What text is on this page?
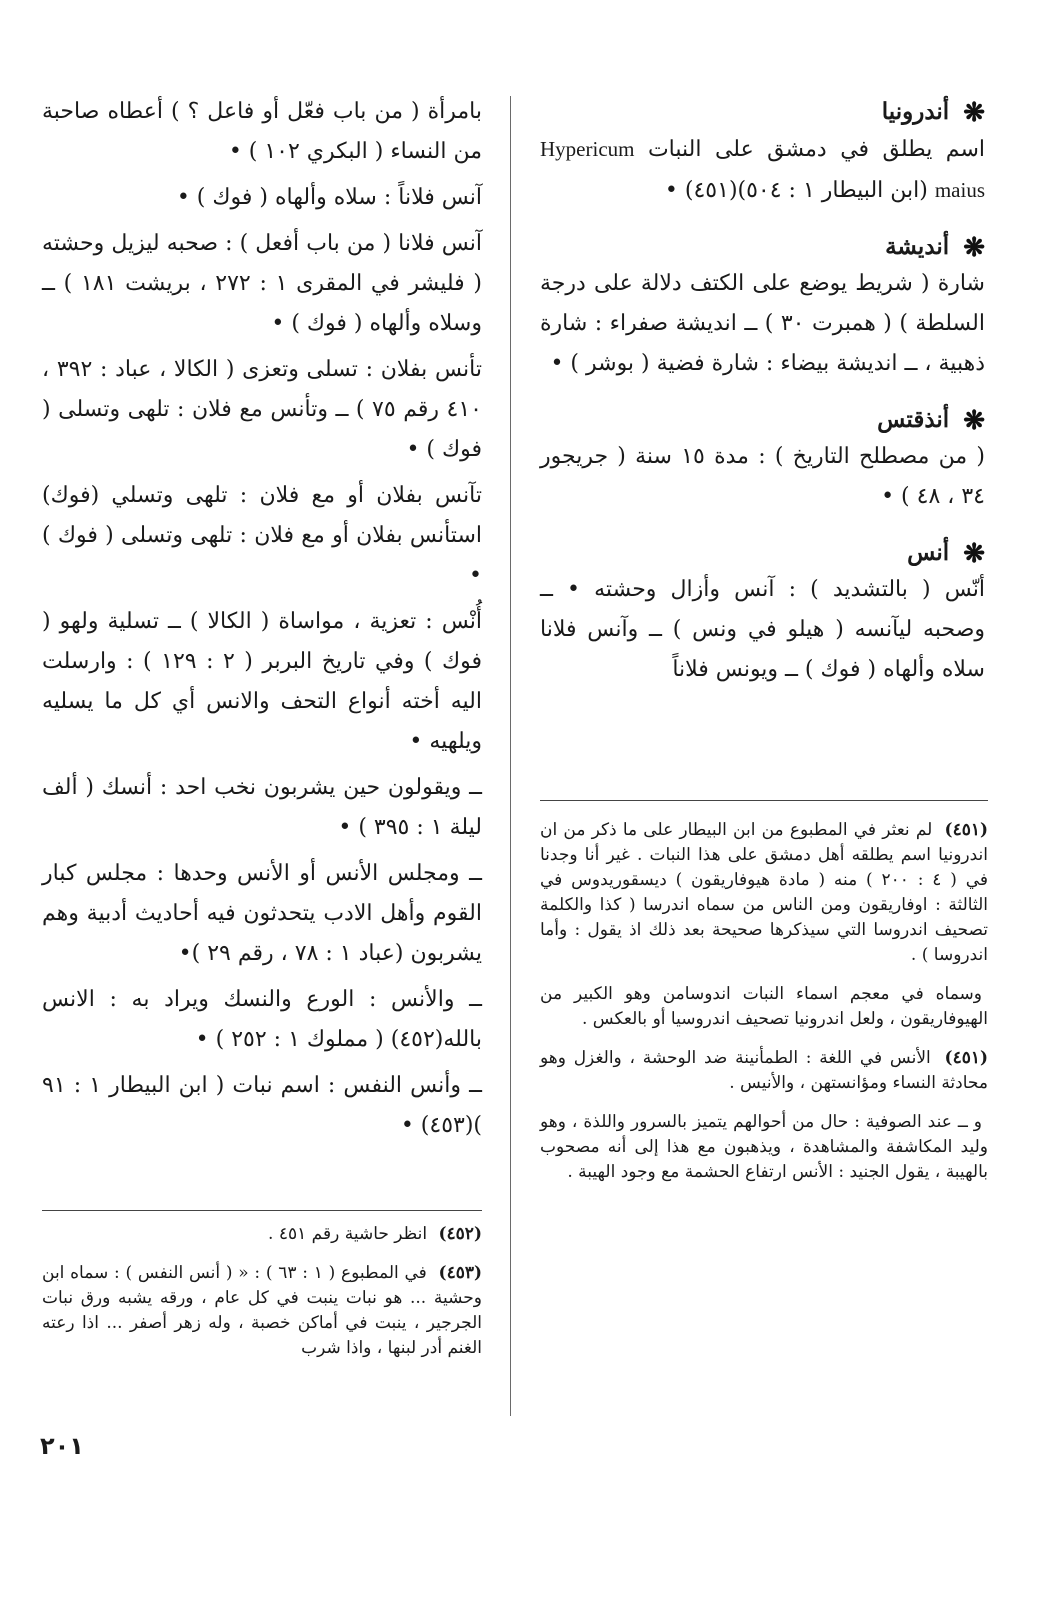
❋أندرونيا
اسم يطلق في دمشق على النبات Hypericum maius (ابن البيطار ١ : ٥٠٤)(٤٥١) •
❋أنديشة
شارة ( شريط يوضع على الكتف دلالة على درجة السلطة ) ( همبرت ٣٠ ) ــ انديشة صفراء : شارة ذهبية ، ــ انديشة بيضاء : شارة فضية ( بوشر ) •
❋أنذقتس
( من مصطلح التاريخ ) : مدة ١٥ سنة ( جريجور ٣٤ ، ٤٨ ) •
❋أنس
أنّس ( بالتشديد ) : آنس وأزال وحشته • ــ وصحبه ليآنسه ( هيلو في ونس ) ــ وآنس فلانا سلاه وألهاه ( فوك ) ــ ويونس فلاناً
(٤٥١) لم نعثر في المطبوع من ابن البيطار على ما ذكر من ان اندرونيا اسم يطلقه أهل دمشق على هذا النبات . غير أنا وجدنا في ( ٤ : ٢٠٠ ) منه ( مادة هيوفاريقون ) ديسقوريدوس في الثالثة : اوفاريقون ومن الناس من سماه اندرسا ( كذا والكلمة تصحيف اندروسا التي سيذكرها صحيحة بعد ذلك اذ يقول : وأما اندروسا ) .
وسماه في معجم اسماء النبات اندوسامن وهو الكبير من الهيوفاريقون ، ولعل اندرونيا تصحيف اندروسيا أو بالعكس .
(٤٥١) الأنس في اللغة : الطمأنينة ضد الوحشة ، والغزل وهو محادثة النساء ومؤانستهن ، والأنيس .
و ــ عند الصوفية : حال من أحوالهم يتميز بالسرور واللذة ، وهو وليد المكاشفة والمشاهدة ، ويذهبون مع هذا إلى أنه مصحوب بالهيبة ، يقول الجنيد : الأنس ارتفاع الحشمة مع وجود الهيبة .
بامرأة ( من باب فعّل أو فاعل ؟ ) أعطاه صاحبة من النساء ( البكري ١٠٢ ) •
آنس فلاناً : سلاه وألهاه ( فوك ) •
آنس فلانا ( من باب أفعل ) : صحبه ليزيل وحشته ( فليشر في المقرى ١ : ٢٧٢ ، بريشت ١٨١ ) ــ وسلاه وألهاه ( فوك ) •
تأنس بفلان : تسلى وتعزى ( الكالا ، عباد : ٣٩٢ ، ٤١٠ رقم ٧٥ ) ــ وتأنس مع فلان : تلهى وتسلى ( فوك ) •
تآنس بفلان أو مع فلان : تلهى وتسلي (فوك) استأنس بفلان أو مع فلان : تلهى وتسلى ( فوك ) •
أُنْس : تعزية ، مواساة ( الكالا ) ــ تسلية ولهو ( فوك ) وفي تاريخ البربر ( ٢ : ١٢٩ ) : وارسلت اليه أخته أنواع التحف والانس أي كل ما يسليه ويلهيه •
ــ ويقولون حين يشربون نخب احد : أنسك ( ألف ليلة ١ : ٣٩٥ ) •
ــ ومجلس الأنس أو الأنس وحدها : مجلس كبار القوم وأهل الادب يتحدثون فيه أحاديث أدبية وهم يشربون (عباد ١ : ٧٨ ، رقم ٢٩ )•
ــ والأنس : الورع والنسك ويراد به : الانس بالله(٤٥٢) ( مملوك ١ : ٢٥٢ ) •
ــ وأنس النفس : اسم نبات ( ابن البيطار ١ : ٩١ )(٤٥٣) •
(٤٥٢) انظر حاشية رقم ٤٥١ .
(٤٥٣) في المطبوع ( ١ : ٦٣ ) : « ( أنس النفس ) : سماه ابن وحشية ... هو نبات ينبت في كل عام ، ورقه يشبه ورق نبات الجرجير ، ينبت في أماكن خصبة ، وله زهر أصفر ... اذا رعته الغنم أدر لبنها ، واذا شرب
٢٠١
